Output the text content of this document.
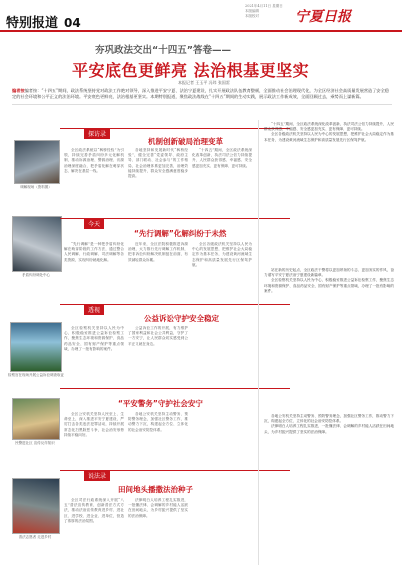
特别报道 04
2021年4月11日 星期日
本版编辑
本版校对	宁夏日报
夯巩政法交出“十四五”答卷——
平安底色更鲜亮 法治根基更坚实
本报记者 王玉平 冯玮 张国雷
编者按编者按：“十四五”期间，政法系统坚持党对政法工作绝对领导，深入推进平安宁夏、法治宁夏建设，扎实开展政法队伍教育整顿，全面推动社会治理现代化，为全区经济社会高质量发展营造了安全稳定的社会环境和公平正义的法治环境。平安底色更鲜亮，法治根基更坚实。本期特别报道，聚焦政法战线在“十四五”期间的生动实践，展示政法工作新成效，全面回顾过去，乘势而上谋新篇。
调解现场（资料图）
矛盾纠纷调处中心
检察官在现场开展公益诉讼调查取证
民警进社区 宣传反诈知识
普法志愿者 走进乡村
探访录
机制创新破局治理变革

全区政法系统以“枫桥经验”为引领，持续完善矛盾纠纷多元化解机制，推动诉源治理、警源治理、访源治理深度融合，把矛盾化解在萌芽状态、解决在基层一线。

各地坚持和发展新时代“枫桥经验”，健全完善“党委领导、政府主导、部门联动、社会参与”的工作格局，社会治理体系更加完善，治理效能持续提升，群众安全感满意度稳步提高。

“十四五”期间，全区政法系统深化改革创新，执法司法公信力持续提升，人民群众获得感、幸福感、安全感更加充实、更有保障、更可持续。

今天
“先行调解”化解纠纷于未然

“先行调解”是一种把矛盾纠纷化解在萌芽阶段的工作方法，通过整合人民调解、行政调解、司法调解等各类资源，实现纠纷就地化解。

近年来，全区法院积极推进诉源治理，大力推行先行调解工作机制，把非诉讼纠纷解决机制挺在前面，有效减轻群众诉累。

全区各级政法机关坚持以人民为中心的发展思想，把维护社会大局稳定作为基本任务，为建设黄河流域生态保护和高质量发展先行区保驾护航。

透视
公益诉讼守护安全稳定

全区检察机关坚持以人民为中心，积极稳妥推进公益诉讼检察工作，聚焦生态环境和资源保护、食品药品安全、国有财产保护等重点领域，办理了一批有影响的案件。

公益诉讼工作的开展，有力维护了国家利益和社会公共利益，守护了一方安宁，让人民群众切实感受到公平正义就在身边。

“平安警务”守护社会安宁

全区公安机关坚持人民至上、生命至上，深入推进平安宁夏建设，严厉打击各类违法犯罪活动，持续开展常态化扫黑除恶斗争，社会治安形势持续平稳向好。

各地公安机关坚持主动警务、预防警务理念，加强社区警务工作，推动警力下沉，构建起全方位、立体化的社会治安防控体系。

说法录
田间地头播撒法治种子

全区司法行政系统深入开展“八五”普法宣传教育，创新普法方式方法，推动法治宣传教育进乡村、进社区、进学校、进企业、进单位，营造了浓厚的法治氛围。

法律明白人培养工程扎实推进，一批懂法律、会调解的乡村能人活跃在田间地头，为乡村振兴提供了坚实的法治保障。

“十四五”期间，全区政法系统深化改革创新，执法司法公信力持续提升，人民群众获得感、幸福感、安全感更加充实、更有保障、更可持续。

全区各级政法机关坚持以人民为中心的发展思想，把维护社会大局稳定作为基本任务，为建设黄河流域生态保护和高质量发展先行区保驾护航。

站在新的历史起点，全区政法干警将以更加昂扬的斗志、更加务实的作风，奋力谱写平安宁夏法治宁夏建设新篇章。

全区检察机关坚持以人民为中心，积极稳妥推进公益诉讼检察工作，聚焦生态环境和资源保护、食品药品安全、国有财产保护等重点领域，办理了一批有影响的案件。

各地公安机关坚持主动警务、预防警务理念，加强社区警务工作，推动警力下沉，构建起全方位、立体化的社会治安防控体系。

法律明白人培养工程扎实推进，一批懂法律、会调解的乡村能人活跃在田间地头，为乡村振兴提供了坚实的法治保障。
